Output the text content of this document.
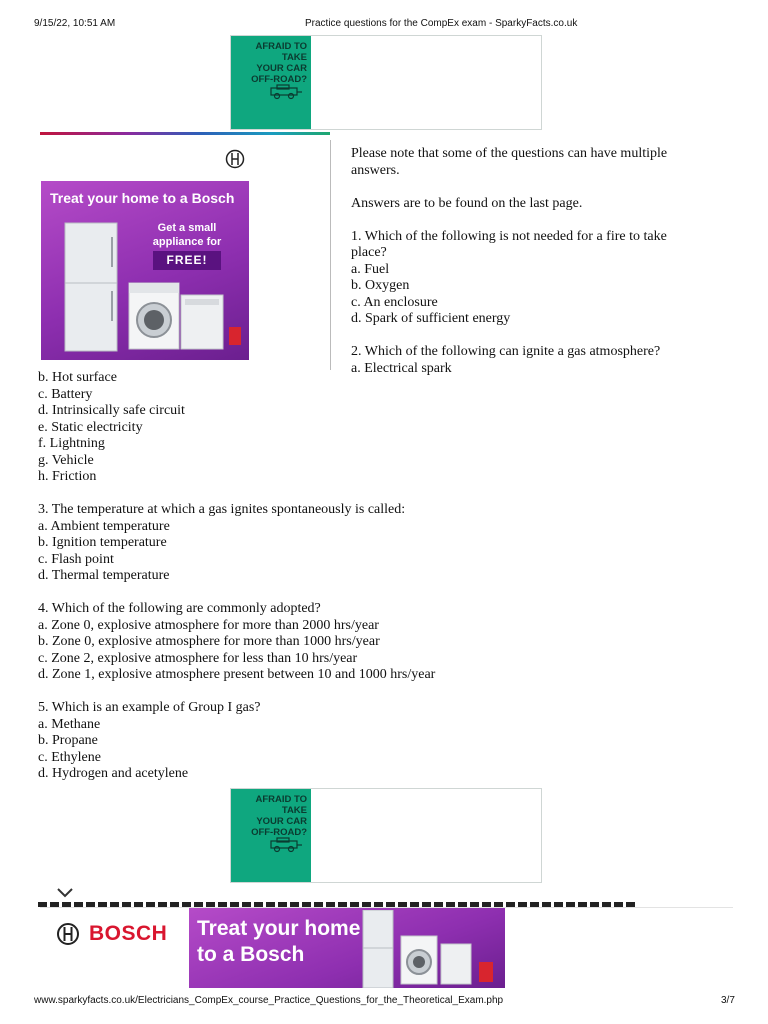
9/15/22, 10:51 AM	Practice questions for the CompEx exam - SparkyFacts.co.uk
AFRAID TO TAKE
YOUR CAR
OFF-ROAD?
Treat your home to a Bosch
Get a small appliance for
FREE!
Please note that some of the questions can have multiple
answers.

Answers are to be found on the last page.

1. Which of the following is not needed for a fire to take
place?
a. Fuel
b. Oxygen
c. An enclosure
d. Spark of sufficient energy

2. Which of the following can ignite a gas atmosphere?
a. Electrical spark
b. Hot surface
c. Battery
d. Intrinsically safe circuit
e. Static electricity
f. Lightning
g. Vehicle
h. Friction

3. The temperature at which a gas ignites spontaneously is called:
a. Ambient temperature
b. Ignition temperature
c. Flash point
d. Thermal temperature

4. Which of the following are commonly adopted?
a. Zone 0, explosive atmosphere for more than 2000 hrs/year
b. Zone 0, explosive atmosphere for more than 1000 hrs/year
c. Zone 2, explosive atmosphere for less than 10 hrs/year
d. Zone 1, explosive atmosphere present between 10 and 1000 hrs/year

5. Which is an example of Group I gas?
a. Methane
b. Propane
c. Ethylene
d. Hydrogen and acetylene
AFRAID TO TAKE
YOUR CAR
OFF-ROAD?
BOSCH Treat your home
to a Bosch
www.sparkyfacts.co.uk/Electricians_CompEx_course_Practice_Questions_for_the_Theoretical_Exam.php	3/7
